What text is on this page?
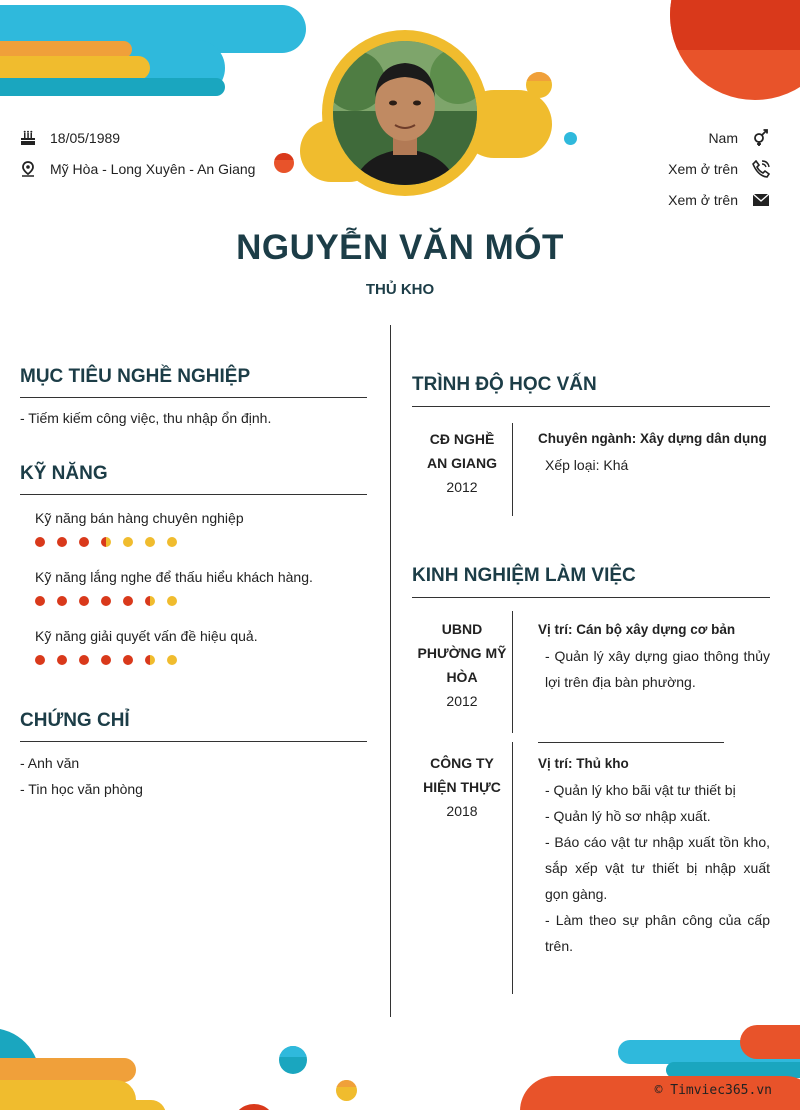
18/05/1989
Mỹ Hòa - Long Xuyên - An Giang
Nam
Xem ở trên
Xem ở trên
NGUYỄN VĂN MÓT
THỦ KHO
MỤC TIÊU NGHỀ NGHIỆP
- Tiếm kiếm công việc, thu nhập ổn định.
KỸ NĂNG
Kỹ năng bán hàng chuyên nghiệp
Kỹ năng lắng nghe để thấu hiểu khách hàng.
Kỹ năng giải quyết vấn đề hiệu quả.
CHỨNG CHỈ
- Anh văn
- Tin học văn phòng
TRÌNH ĐỘ HỌC VẤN
CĐ NGHỀ
AN GIANG
2012
Chuyên ngành: Xây dựng dân dụng
Xếp loại: Khá
KINH NGHIỆM LÀM VIỆC
UBND
PHƯỜNG MỸ
HÒA
2012
Vị trí: Cán bộ xây dựng cơ bản
- Quản lý xây dựng giao thông thủy lợi trên địa bàn phường.
CÔNG TY
HIỆN THỰC
2018
Vị trí: Thủ kho
- Quản lý kho bãi vật tư thiết bị
- Quản lý hồ sơ nhập xuất.
- Báo cáo vật tư nhập xuất tồn kho, sắp xếp vật tư thiết bị nhập xuất gọn gàng.
- Làm theo sự phân công của cấp trên.
© Timviec365.vn
